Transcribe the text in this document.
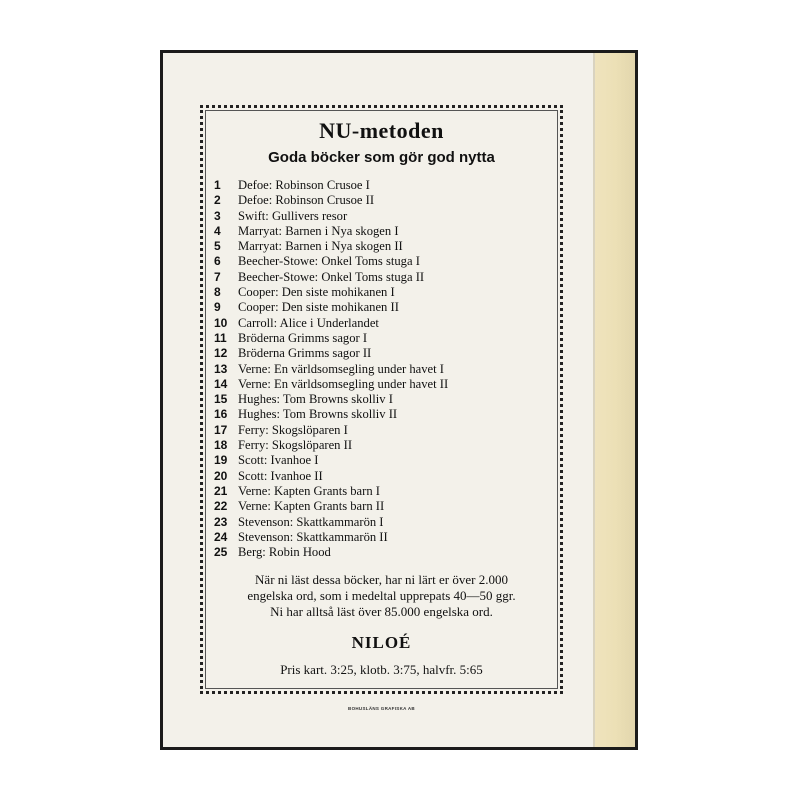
NU-metoden
Goda böcker som gör god nytta
1 Defoe: Robinson Crusoe I
2 Defoe: Robinson Crusoe II
3 Swift: Gullivers resor
4 Marryat: Barnen i Nya skogen I
5 Marryat: Barnen i Nya skogen II
6 Beecher-Stowe: Onkel Toms stuga I
7 Beecher-Stowe: Onkel Toms stuga II
8 Cooper: Den siste mohikanen I
9 Cooper: Den siste mohikanen II
10 Carroll: Alice i Underlandet
11 Bröderna Grimms sagor I
12 Bröderna Grimms sagor II
13 Verne: En världsomsegling under havet I
14 Verne: En världsomsegling under havet II
15 Hughes: Tom Browns skolliv I
16 Hughes: Tom Browns skolliv II
17 Ferry: Skogslöparen I
18 Ferry: Skogslöparen II
19 Scott: Ivanhoe I
20 Scott: Ivanhoe II
21 Verne: Kapten Grants barn I
22 Verne: Kapten Grants barn II
23 Stevenson: Skattkammarön I
24 Stevenson: Skattkammarön II
25 Berg: Robin Hood
När ni läst dessa böcker, har ni lärt er över 2.000
engelska ord, som i medeltal upprepats 40—50 ggr.
Ni har alltså läst över 85.000 engelska ord.
NILOÉ
Pris kart. 3:25, klotb. 3:75, halvfr. 5:65
BOHUSLÄNS GRAFISKA AB
